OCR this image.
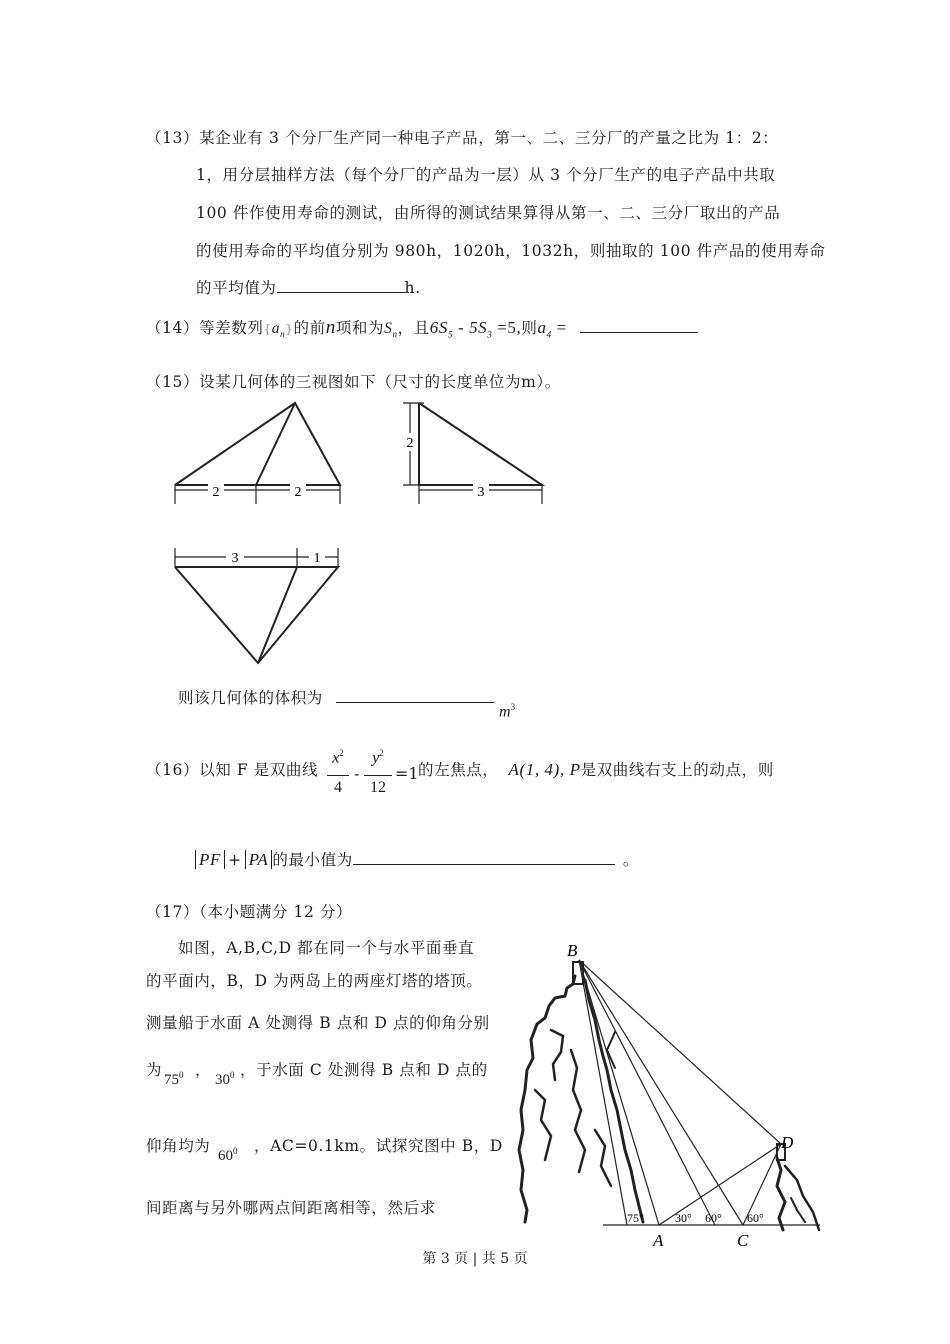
（13）某企业有 3 个分厂生产同一种电子产品，第一、二、三分厂的产量之比为 1：2：
1，用分层抽样方法（每个分厂的产品为一层）从 3 个分厂生产的电子产品中共取
100 件作使用寿命的测试，由所得的测试结果算得从第一、二、三分厂取出的产品
的使用寿命的平均值分别为 980h，1020h，1032h，则抽取的 100 件产品的使用寿命
的平均值为	h.
（14）等差数列$\{a_n\}$的前n项和为$S_n$，且$6S_5 - 5S_3 =5$,则$a_4$ =
（15）设某几何体的三视图如下（尺寸的长度单位为m）。
2	2
2
3
3	1
则该几何体的体积为
$m^3$
（16）以知 F 是双曲线
$x^2$
4
-
$y^2$
12
=1 的左焦点， A(1, 4), P是双曲线右支上的动点，则
PF + PA 的最小值为	。
（17）（本小题满分 12 分）
如图，A,B,C,D 都在同一个与水平面垂直
的平面内，B，D 为两岛上的两座灯塔的塔顶。
测量船于水面 A 处测得 B 点和 D 点的仰角分别
为
$75^0$ ，
$30^0$ ，于水面 C 处测得 B 点和 D 点的
仰角均为
$60^0$ ，AC=0.1km。试探究图中 B，D
间距离与另外哪两点间距离相等，然后求
B
D
A	C
75°	30° 60° 60°
第 3 页 | 共 5 页
